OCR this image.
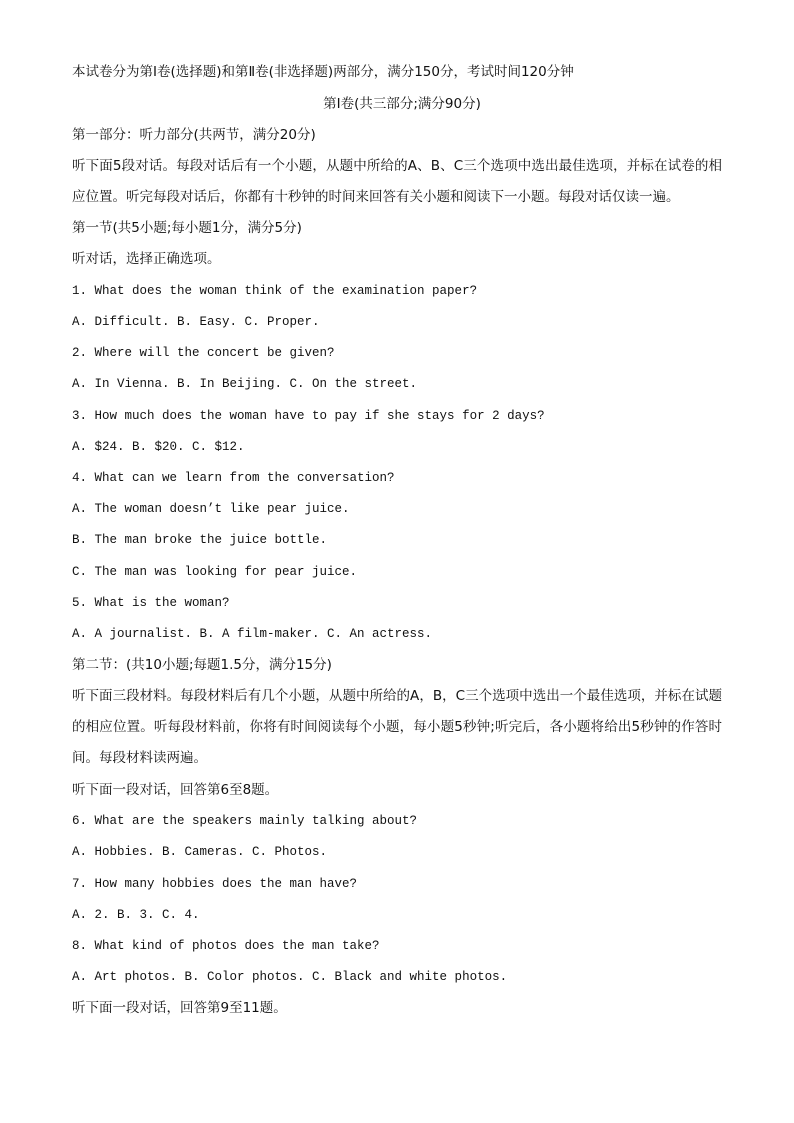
本试卷分为第Ⅰ卷(选择题)和第Ⅱ卷(非选择题)两部分，满分150分，考试时间120分钟
第Ⅰ卷(共三部分;满分90分)
第一部分：听力部分(共两节，满分20分)
听下面5段对话。每段对话后有一个小题，从题中所给的A、B、C三个选项中选出最佳选项，并标在试卷的相应位置。听完每段对话后，你都有十秒钟的时间来回答有关小题和阅读下一小题。每段对话仅读一遍。
第一节(共5小题;每小题1分，满分5分)
听对话，选择正确选项。
1. What does the woman think of the examination paper?
A. Difficult. B. Easy. C. Proper.
2. Where will the concert be given?
A. In Vienna. B. In Beijing. C. On the street.
3. How much does the woman have to pay if she stays for 2 days?
A. $24. B. $20. C. $12.
4. What can we learn from the conversation?
A. The woman doesn’t like pear juice.
B. The man broke the juice bottle.
C. The man was looking for pear juice.
5. What is the woman?
A. A journalist. B. A film-maker. C. An actress.
第二节：(共10小题;每题1.5分，满分15分)
听下面三段材料。每段材料后有几个小题，从题中所给的A，B，C三个选项中选出一个最佳选项，并标在试题的相应位置。听每段材料前，你将有时间阅读每个小题，每小题5秒钟;听完后，各小题将给出5秒钟的作答时间。每段材料读两遍。
听下面一段对话，回答第6至8题。
6. What are the speakers mainly talking about?
A. Hobbies. B. Cameras. C. Photos.
7. How many hobbies does the man have?
A. 2. B. 3. C. 4.
8. What kind of photos does the man take?
A. Art photos. B. Color photos. C. Black and white photos.
听下面一段对话，回答第9至11题。
